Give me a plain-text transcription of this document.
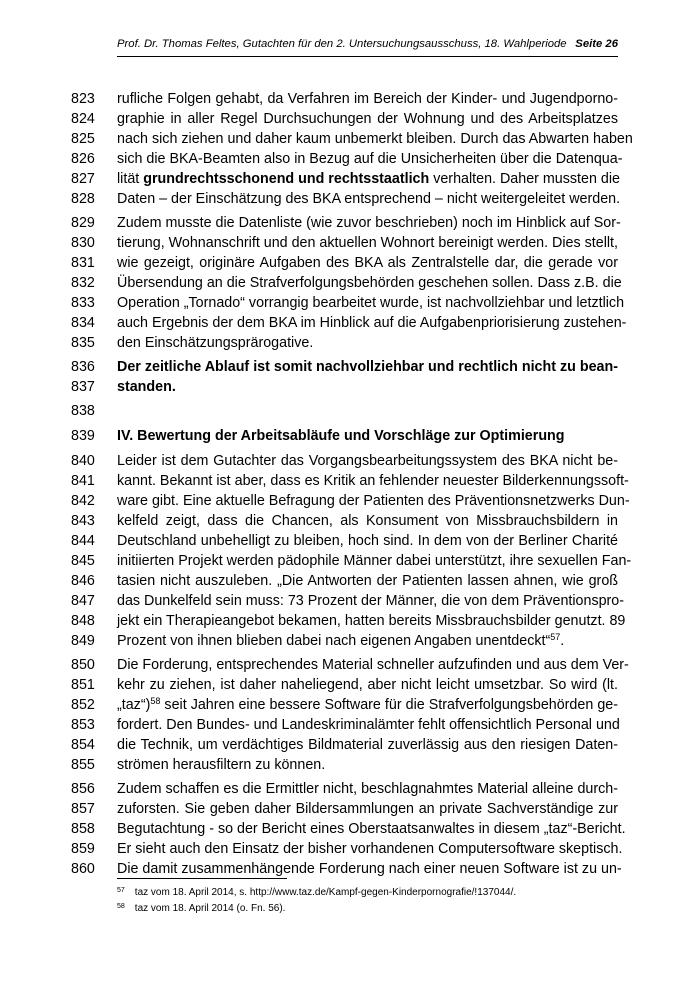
Prof. Dr. Thomas Feltes, Gutachten für den 2. Untersuchungsausschuss, 18. Wahlperiode Seite 26
823 rufliche Folgen gehabt, da Verfahren im Bereich der Kinder- und Jugendporno-
824 graphie in aller Regel Durchsuchungen der Wohnung und des Arbeitsplatzes
825 nach sich ziehen und daher kaum unbemerkt bleiben. Durch das Abwarten haben
826 sich die BKA-Beamten also in Bezug auf die Unsicherheiten über die Datenqua-
827 lität grundrechtsschonend und rechtsstaatlich verhalten. Daher mussten die
828 Daten – der Einschätzung des BKA entsprechend – nicht weitergeleitet werden.
829 Zudem musste die Datenliste (wie zuvor beschrieben) noch im Hinblick auf Sor-
830 tierung, Wohnanschrift und den aktuellen Wohnort bereinigt werden. Dies stellt,
831 wie gezeigt, originäre Aufgaben des BKA als Zentralstelle dar, die gerade vor
832 Übersendung an die Strafverfolgungsbehörden geschehen sollen. Dass z.B. die
833 Operation „Tornado“ vorrangig bearbeitet wurde, ist nachvollziehbar und letztlich
834 auch Ergebnis der dem BKA im Hinblick auf die Aufgabenpriorisierung zustehen-
835 den Einschätzungsprärogative.
836 Der zeitliche Ablauf ist somit nachvollziehbar und rechtlich nicht zu bean-
837 standen.
838
839 IV. Bewertung der Arbeitsabläufe und Vorschläge zur Optimierung
840 Leider ist dem Gutachter das Vorgangsbearbeitungssystem des BKA nicht be-
841 kannt. Bekannt ist aber, dass es Kritik an fehlender neuester Bilderkennungssoft-
842 ware gibt. Eine aktuelle Befragung der Patienten des Präventionsnetzwerks Dun-
843 kelfeld zeigt, dass die Chancen, als Konsument von Missbrauchsbildern in
844 Deutschland unbehelligt zu bleiben, hoch sind. In dem von der Berliner Charité
845 initiierten Projekt werden pädophile Männer dabei unterstützt, ihre sexuellen Fan-
846 tasien nicht auszuleben. „Die Antworten der Patienten lassen ahnen, wie groß
847 das Dunkelfeld sein muss: 73 Prozent der Männer, die von dem Präventionspro-
848 jekt ein Therapieangebot bekamen, hatten bereits Missbrauchsbilder genutzt. 89
849 Prozent von ihnen blieben dabei nach eigenen Angaben unentdeckt“$^{57}$.
850 Die Forderung, entsprechendes Material schneller aufzufinden und aus dem Ver-
851 kehr zu ziehen, ist daher naheliegend, aber nicht leicht umsetzbar. So wird (lt.
852 „taz“)$^{58}$ seit Jahren eine bessere Software für die Strafverfolgungsbehörden ge-
853 fordert. Den Bundes- und Landeskriminalämter fehlt offensichtlich Personal und
854 die Technik, um verdächtiges Bildmaterial zuverlässig aus den riesigen Daten-
855 strömen herausfiltern zu können.
856 Zudem schaffen es die Ermittler nicht, beschlagnahmtes Material alleine durch-
857 zuforsten. Sie geben daher Bildersammlungen an private Sachverständige zur
858 Begutachtung - so der Bericht eines Oberstaatsanwaltes in diesem „taz“-Bericht.
859 Er sieht auch den Einsatz der bisher vorhandenen Computersoftware skeptisch.
860 Die damit zusammenhängende Forderung nach einer neuen Software ist zu un-
$^{57}$ taz vom 18. April 2014, s. http://www.taz.de/Kampf-gegen-Kinderpornografie/!137044/.
$^{58}$ taz vom 18. April 2014 (o. Fn. 56).
